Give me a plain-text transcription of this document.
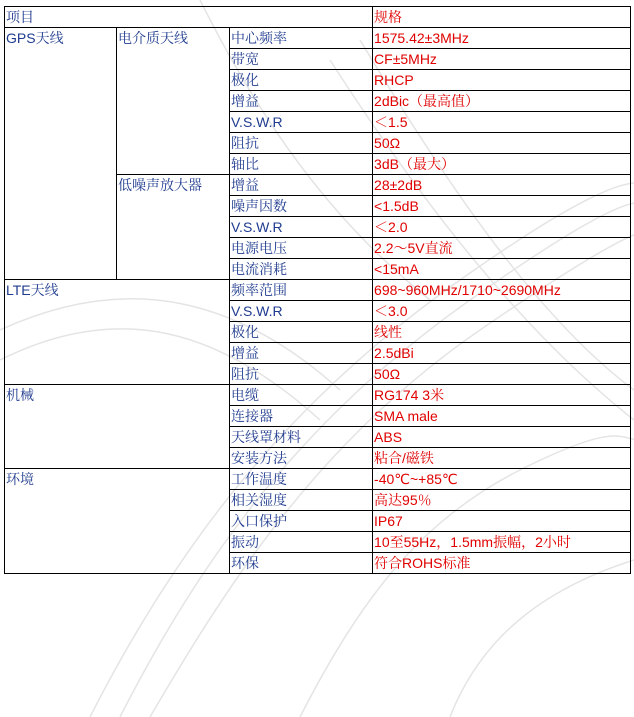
项目			规格
GPS天线	电介质天线	中心频率	1575.42±3MHz
		带宽	CF±5MHz
		极化	RHCP
		增益	2dBic（最高值）
		V.S.W.R	＜1.5
		阻抗	50Ω
		轴比	3dB（最大）
	低噪声放大器	增益	28±2dB
		噪声因数	<1.5dB
		V.S.W.R	＜2.0
		电源电压	2.2～5V直流
		电流消耗	<15mA
LTE天线		频率范围	698~960MHz/1710~2690MHz
		V.S.W.R	＜3.0
		极化	线性
		增益	2.5dBi
		阻抗	50Ω
机械		电缆	RG174 3米
		连接器	SMA male
		天线罩材料	ABS
		安装方法	粘合/磁铁
环境		工作温度	-40℃~+85℃
		相关湿度	高达95％
		入口保护	IP67
		振动	10至55Hz，1.5mm振幅，2小时
		环保	符合ROHS标准
